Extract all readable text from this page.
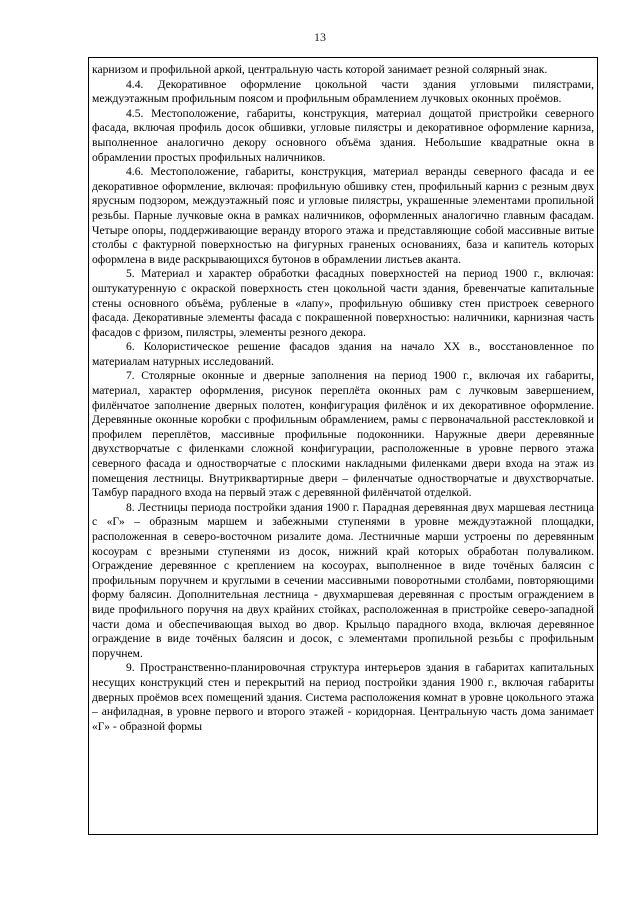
13

карнизом и профильной аркой, центральную часть которой занимает резной солярный знак.

4.4. Декоративное оформление цокольной части здания угловыми пилястрами, междуэтажным профильным поясом и профильным обрамлением лучковых оконных проёмов.

4.5. Местоположение, габариты, конструкция, материал дощатой пристройки северного фасада, включая профиль досок обшивки, угловые пилястры и декоративное оформление карниза, выполненное аналогично декору основного объёма здания. Небольшие квадратные окна в обрамлении простых профильных наличников.

4.6. Местоположение, габариты, конструкция, материал веранды северного фасада и ее декоративное оформление, включая: профильную обшивку стен, профильный карниз с резным двух ярусным подзором, междуэтажный пояс и угловые пилястры, украшенные элементами пропильной резьбы. Парные лучковые окна в рамках наличников, оформленных аналогично главным фасадам. Четыре опоры, поддерживающие веранду второго этажа и представляющие собой массивные витые столбы с фактурной поверхностью на фигурных граненых основаниях, база и капитель которых оформлена в виде раскрывающихся бутонов в обрамлении листьев аканта.

5. Материал и характер обработки фасадных поверхностей на период 1900 г., включая: оштукатуренную с окраской поверхность стен цокольной части здания, бревенчатые капитальные стены основного объёма, рубленые в «лапу», профильную обшивку стен пристроек северного фасада. Декоративные элементы фасада с покрашенной поверхностью: наличники, карнизная часть фасадов с фризом, пилястры, элементы резного декора.

6. Колористическое решение фасадов здания на начало XX в., восстановленное по материалам натурных исследований.

7. Столярные оконные и дверные заполнения на период 1900 г., включая их габариты, материал, характер оформления, рисунок переплёта оконных рам с лучковым завершением, филёнчатое заполнение дверных полотен, конфигурация филёнок и их декоративное оформление. Деревянные оконные коробки с профильным обрамлением, рамы с первоначальной расстекловкой и профилем переплётов, массивные профильные подоконники. Наружные двери деревянные двухстворчатые с филенками сложной конфигурации, расположенные в уровне первого этажа северного фасада и одностворчатые с плоскими накладными филенками двери входа на этаж из помещения лестницы. Внутриквартирные двери – филенчатые одностворчатые и двухстворчатые. Тамбур парадного входа на первый этаж с деревянной филёнчатой отделкой.

8. Лестницы периода постройки здания 1900 г. Парадная деревянная двух маршевая лестница с «Г» – образным маршем и забежными ступенями в уровне междуэтажной площадки, расположенная в северо-восточном ризалите дома. Лестничные марши устроены по деревянным косоурам с врезными ступенями из досок, нижний край которых обработан полуваликом. Ограждение деревянное с креплением на косоурах, выполненное в виде точёных балясин с профильным поручнем и круглыми в сечении массивными поворотными столбами, повторяющими форму балясин. Дополнительная лестница - двухмаршевая деревянная с простым ограждением в виде профильного поручня на двух крайних стойках, расположенная в пристройке северо-западной части дома и обеспечивающая выход во двор. Крыльцо парадного входа, включая деревянное ограждение в виде точёных балясин и досок, с элементами пропильной резьбы с профильным поручнем.

9. Пространственно-планировочная структура интерьеров здания в габаритах капитальных несущих конструкций стен и перекрытий на период постройки здания 1900 г., включая габариты дверных проёмов всех помещений здания. Система расположения комнат в уровне цокольного этажа – анфиладная, в уровне первого и второго этажей - коридорная. Центральную часть дома занимает «Г» - образной формы
